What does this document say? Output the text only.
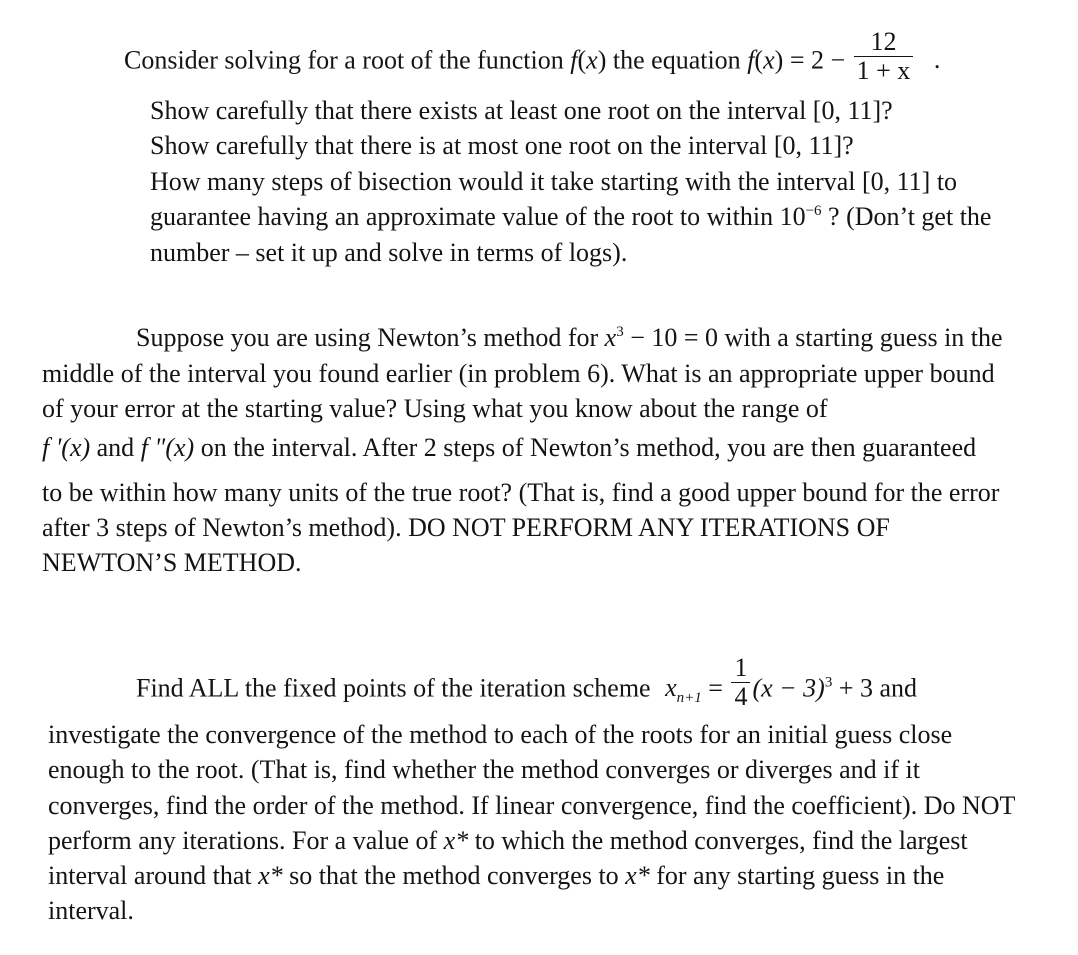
Consider solving for a root of the function f(x) the equation $f(x) = 2 - \frac{12}{1 + x}$ .
Show carefully that there exists at least one root on the interval [0, 11]?
Show carefully that there is at most one root on the interval [0, 11]?
How many steps of bisection would it take starting with the interval [0, 11] to
guarantee having an approximate value of the root to within $10^{-6}$ ? (Don’t get the
number – set it up and solve in terms of logs).
Suppose you are using Newton’s method for $x^3 - 10 = 0$ with a starting guess in the
middle of the interval you found earlier (in problem 6). What is an appropriate upper bound
of your error at the starting value? Using what you know about the range of
f '(x) and f "(x) on the interval. After 2 steps of Newton’s method, you are then guaranteed
to be within how many units of the true root? (That is, find a good upper bound for the error
after 3 steps of Newton’s method). DO NOT PERFORM ANY ITERATIONS OF
NEWTON’S METHOD.
Find ALL the fixed points of the iteration scheme $x_{n+1} = \frac{1}{4} (x - 3)^3 + 3$ and
investigate the convergence of the method to each of the roots for an initial guess close
enough to the root. (That is, find whether the method converges or diverges and if it
converges, find the order of the method. If linear convergence, find the coefficient). Do NOT
perform any iterations. For a value of x* to which the method converges, find the largest
interval around that x* so that the method converges to x* for any starting guess in the
interval.
